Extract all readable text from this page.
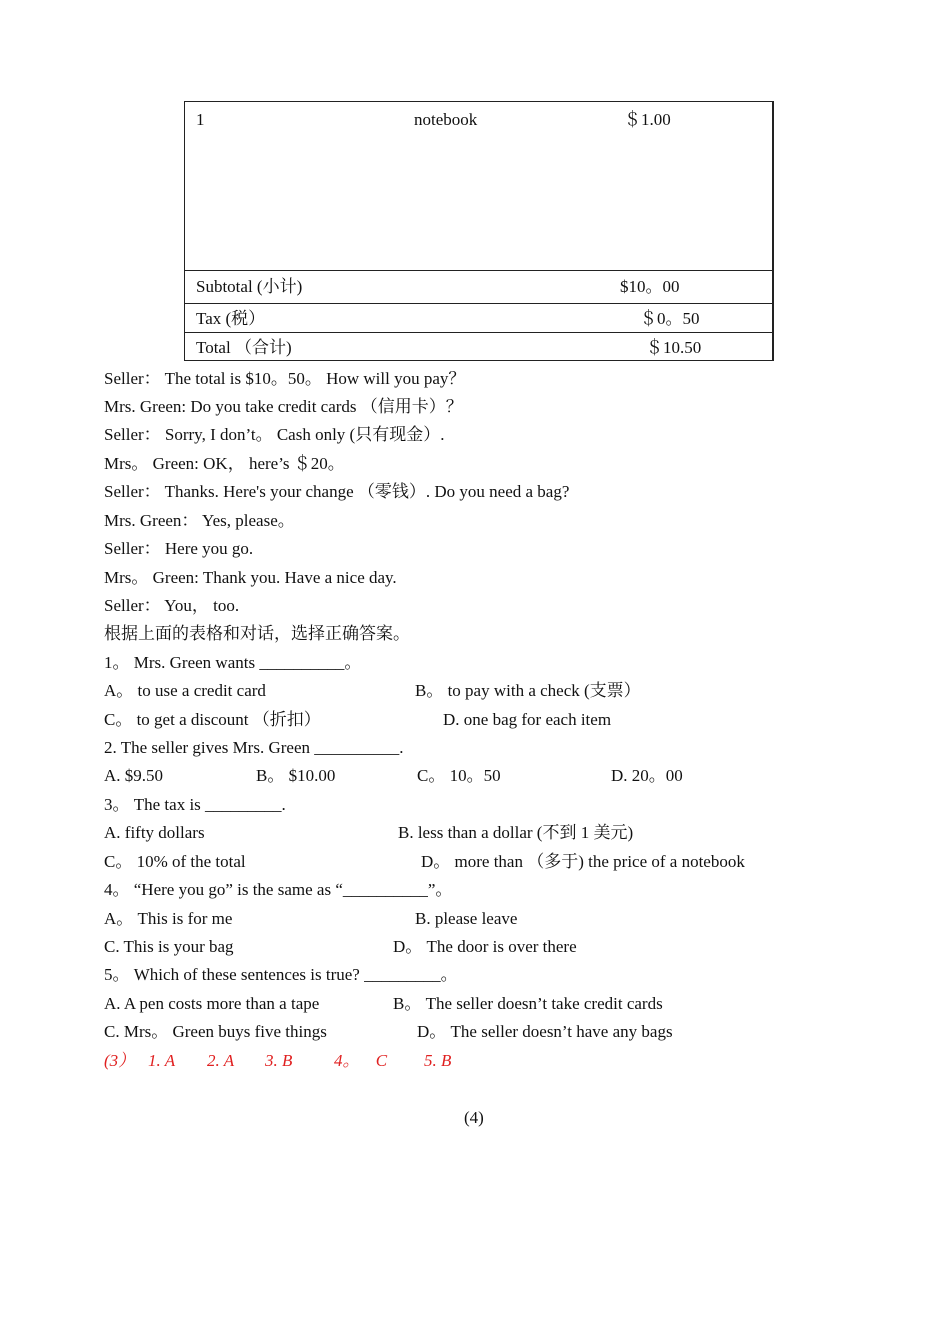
1	notebook	＄1.00
Subtotal (小计)	$10。00
Tax (税）	＄0。50
Total （合计)	＄10.50
Seller： The total is $10。50。 How will you pay？
Mrs. Green: Do you take credit cards （信用卡）？
Seller： Sorry, I don’t。 Cash only (只有现金）.
Mrs。 Green: OK， here’s ＄20。
Seller： Thanks. Here's your change （零钱）. Do you need a bag?
Mrs. Green： Yes, please。
Seller： Here you go.
Mrs。 Green: Thank you. Have a nice day.
Seller： You， too.
根据上面的表格和对话，选择正确答案。
1。 Mrs. Green wants __________。
A。 to use a credit card	B。 to pay with a check (支票）
C。 to get a discount （折扣）	D. one bag for each item
2. The seller gives Mrs. Green __________.
A. $9.50	B。 $10.00	C。 10。50	D. 20。00
3。 The tax is _________.
A. fifty dollars	B. less than a dollar (不到 1 美元)
C。 10% of the total	D。 more than （多于) the price of a notebook
4。 “Here you go” is the same as “__________”。
A。 This is for me	B. please leave
C. This is your bag	D。 The door is over there
5。 Which of these sentences is true? _________。
A. A pen costs more than a tape	B。 The seller doesn’t take credit cards
C. Mrs。 Green buys five things	D。 The seller doesn’t have any bags
(3） 1. A 2. A 3. B 4。 C 5. B
(4)
